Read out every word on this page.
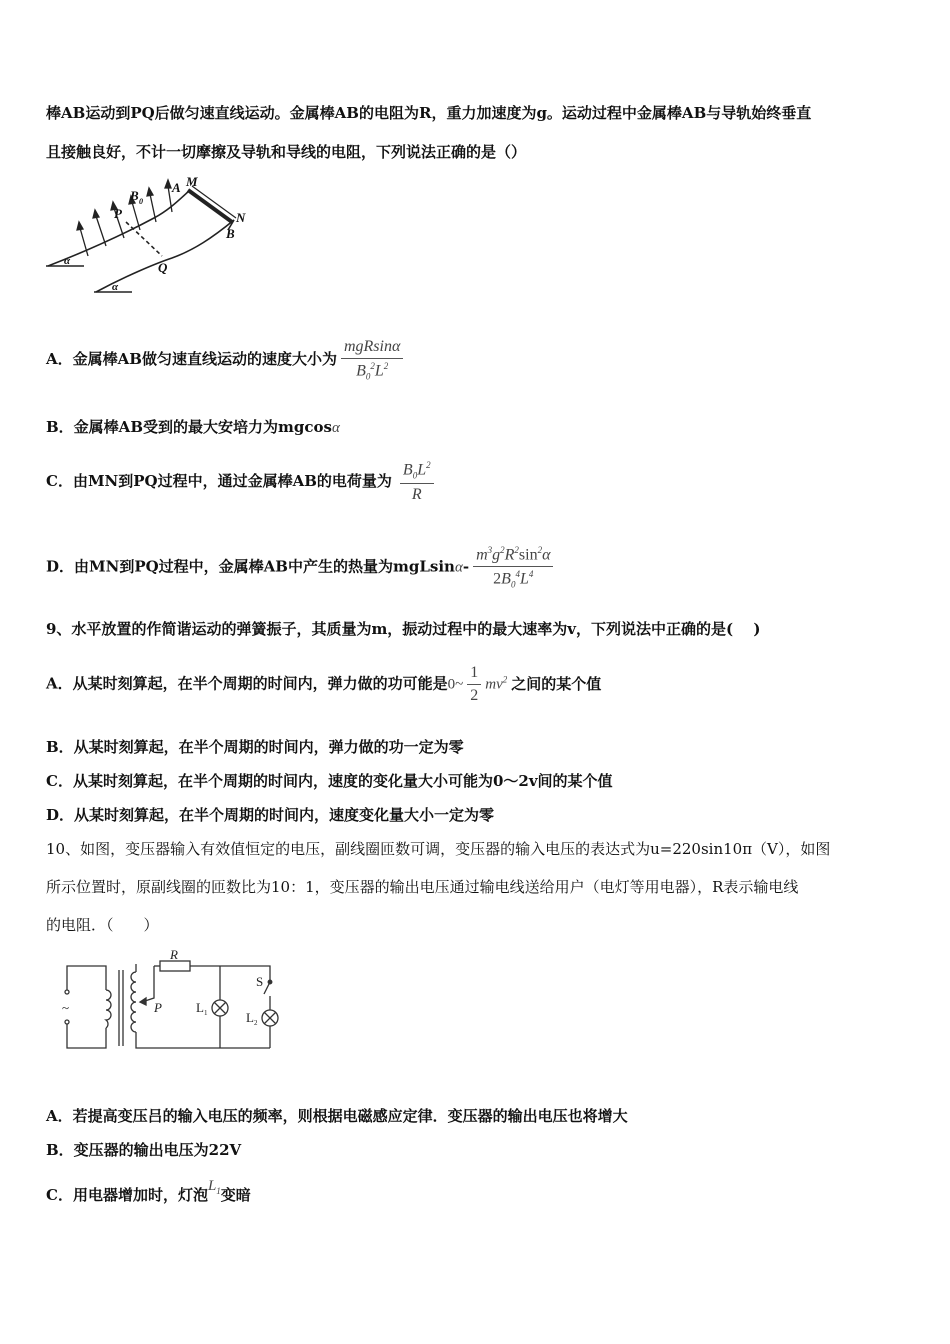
棒AB运动到PQ后做匀速直线运动。金属棒AB的电阻为R，重力加速度为g。运动过程中金属棒AB与导轨始终垂直
且接触良好，不计一切摩擦及导轨和导线的电阻，下列说法正确的是（）
B 0
A M
P	N
B
Q
α
α
A．金属棒AB做匀速直线运动的速度大小为 $\frac{\text{mgRsinα}}{B_0^2L^2}$
B．金属棒AB受到的最大安培力为mgcosα
C．由MN到PQ过程中，通过金属棒AB的电荷量为 $\frac{B_0L^2}{R}$
D．由MN到PQ过程中，金属棒AB中产生的热量为$mgLsin\alpha- \frac{m^3g^2R^2\sin^2\alpha}{2B_0^4L^4}$
9、水平放置的作简谐运动的弹簧振子，其质量为m，振动过程中的最大速率为v，下列说法中正确的是(　 )
A．从某时刻算起，在半个周期的时间内，弹力做的功可能是0~ $\frac{1}{2} mv^2$ 之间的某个值
B．从某时刻算起，在半个周期的时间内，弹力做的功一定为零
C．从某时刻算起，在半个周期的时间内，速度的变化量大小可能为0～2v间的某个值
D．从某时刻算起，在半个周期的时间内，速度变化量大小一定为零
10、如图，变压器输入有效值恒定的电压，副线圈匝数可调，变压器的输入电压的表达式为u=220sin10π（V），如图
所示位置时，原副线圈的匝数比为10：1，变压器的输出电压通过输电线送给用户（电灯等用电器），R表示输电线
的电阻．（　　）
R
S
P	L 1	L 2
~
A．若提高变压吕的输入电压的频率，则根据电磁感应定律．变压器的输出电压也将增大
B．变压器的输出电压为22V
C．用电器增加时，灯泡$L_1$变暗
